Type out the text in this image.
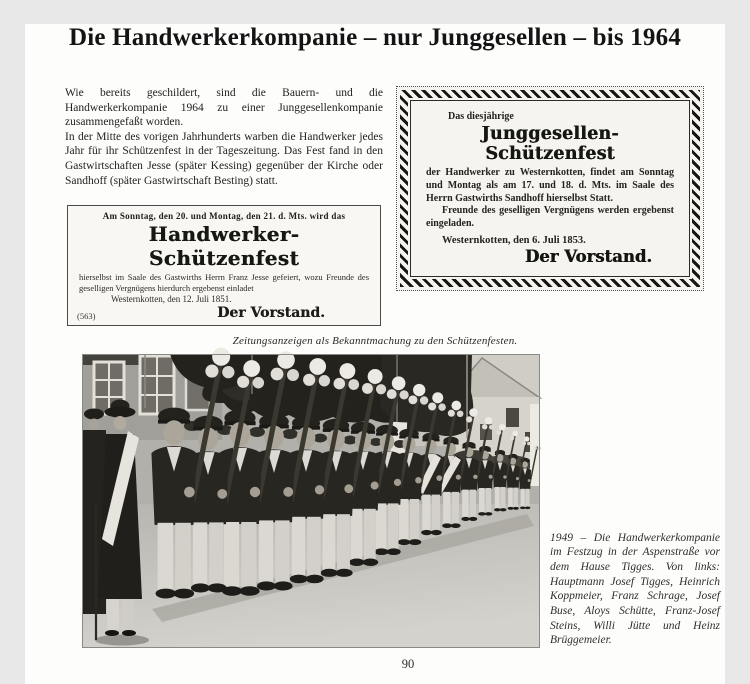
Die Handwerkerkompanie – nur Junggesellen – bis 1964

Wie bereits geschildert, sind die Bauern- und die Handwerkerkompanie 1964 zu einer Junggesellenkompanie zusammengefaßt worden.

In der Mitte des vorigen Jahrhunderts warben die Handwerker jedes Jahr für ihr Schützenfest in der Tageszeitung. Das Fest fand in den Gastwirtschaften Jesse (später Kessing) gegenüber der Kirche oder Sandhoff (später Gastwirtschaft Besting) statt.

Am Sonntag, den 20. und Montag, den 21. d. Mts. wird das
Handwerker-Schützenfest
hierselbst im Saale des Gastwirths Herrn Franz Jesse gefeiert, wozu Freunde des geselligen Vergnügens hierdurch ergebenst einladet
Westernkotten, den 12. Juli 1851.
(563)	Der Vorstand.
Das diesjährige
Junggesellen-Schützenfest

der Handwerker zu Westernkotten, findet am Sonntag und Montag als am 17. und 18. d. Mts. im Saale des Herrn Gastwirths Sandhoff hierselbst Statt.

Freunde des geselligen Vergnügens werden ergebenst eingeladen.

Westernkotten, den 6. Juli 1853.
Der Vorstand.
Zeitungsanzeigen als Bekanntmachung zu den Schützenfesten.
1949 – Die Handwerkerkompanie im Festzug in der Aspenstraße vor dem Hause Tigges. Von links: Hauptmann Josef Tigges, Heinrich Koppmeier, Franz Schrage, Josef Buse, Aloys Schütte, Franz-Josef Steins, Willi Jütte und Heinz Brüggemeier.
90
